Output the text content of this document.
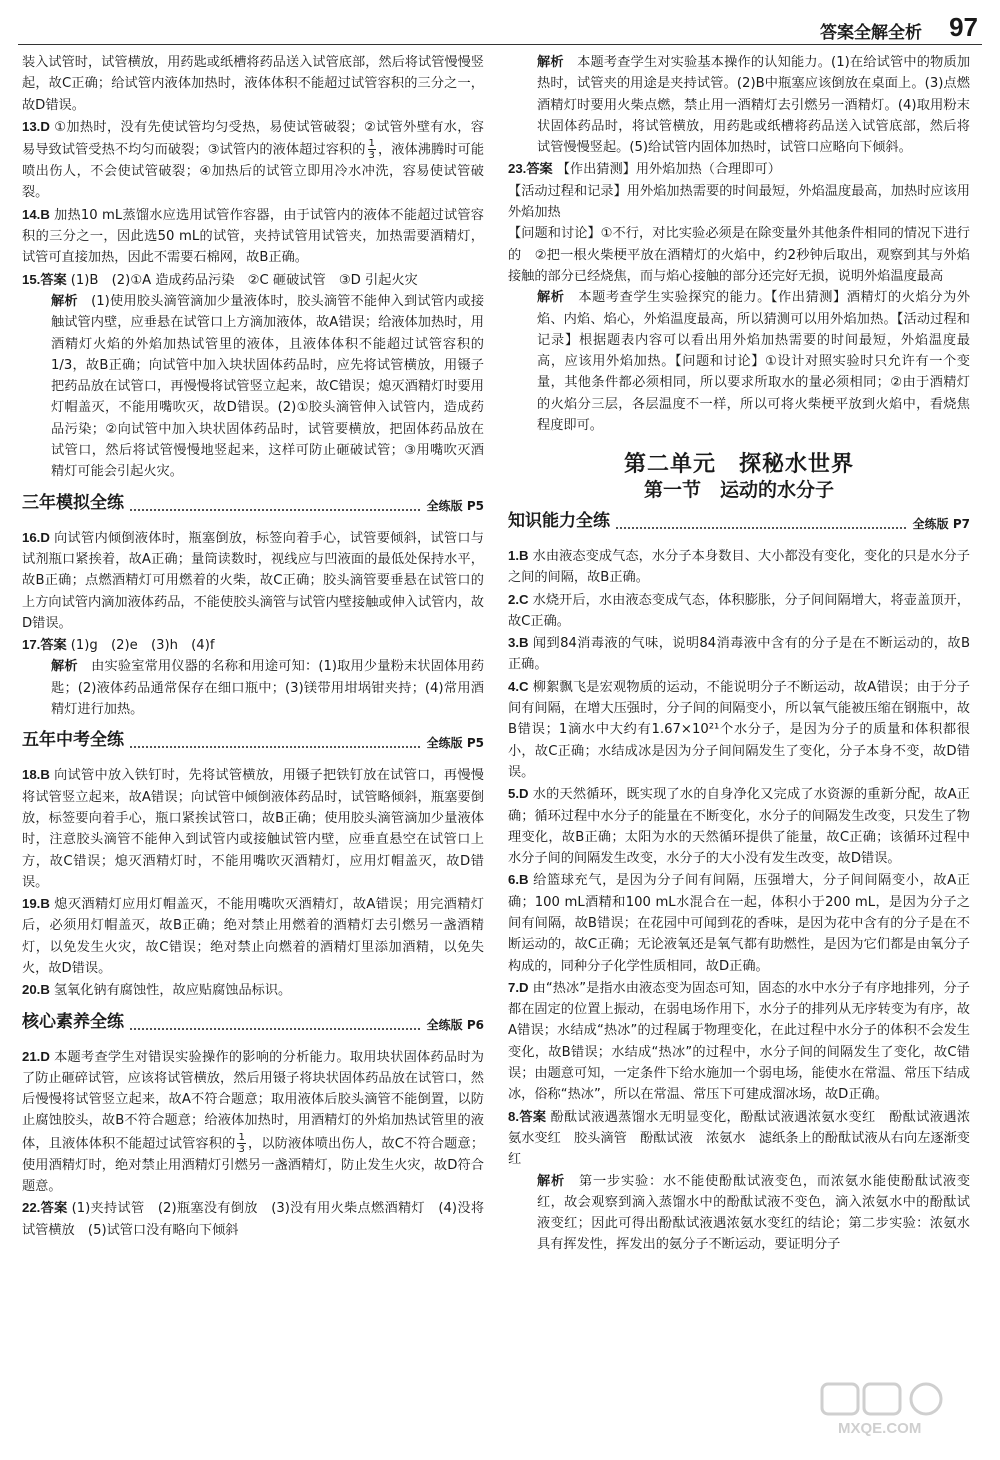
答案全解全析 97

装入试管时，试管横放，用药匙或纸槽将药品送入试管底部，然后将试管慢慢竖起，故C正确；给试管内液体加热时，液体体积不能超过试管容积的三分之一，故D错误。

13.D ①加热时，没有先使试管均匀受热，易使试管破裂；②试管外壁有水，容易导致试管受热不均匀而破裂；③试管内的液体超过容积的 $\frac{1}{3}$ ，液体沸腾时可能喷出伤人，不会使试管破裂；④加热后的试管立即用冷水冲洗，容易使试管破裂。

14.B 加热10 mL蒸馏水应选用试管作容器，由于试管内的液体不能超过试管容积的三分之一，因此选50 mL的试管，夹持试管用试管夹，加热需要酒精灯，试管可直接加热，因此不需要石棉网，故B正确。

15.答案 (1)B　(2)①A 造成药品污染　②C 砸破试管　③D 引起火灾

解析　 (1)使用胶头滴管滴加少量液体时，胶头滴管不能伸入到试管内或接触试管内壁，应垂悬在试管口上方滴加液体，故A错误；给液体加热时，用酒精灯火焰的外焰加热试管里的液体，且液体体积不能超过试管容积的1/3，故B正确；向试管中加入块状固体药品时，应先将试管横放，用镊子把药品放在试管口，再慢慢将试管竖立起来，故C错误；熄灭酒精灯时要用灯帽盖灭，不能用嘴吹灭，故D错误。(2)①胶头滴管伸入试管内，造成药品污染；②向试管中加入块状固体药品时，试管要横放，把固体药品放在试管口，然后将试管慢慢地竖起来，这样可防止砸破试管；③用嘴吹灭酒精灯可能会引起火灾。

三年模拟全练	全练版 P5

16.D 向试管内倾倒液体时，瓶塞倒放，标签向着手心，试管要倾斜，试管口与试剂瓶口紧挨着，故A正确；量筒读数时，视线应与凹液面的最低处保持水平，故B正确；点燃酒精灯可用燃着的火柴，故C正确；胶头滴管要垂悬在试管口的上方向试管内滴加液体药品，不能使胶头滴管与试管内壁接触或伸入试管内，故D错误。

17.答案 (1)g　(2)e　(3)h　(4)f

解析　 由实验室常用仪器的名称和用途可知：(1)取用少量粉末状固体用药匙；(2)液体药品通常保存在细口瓶中；(3)镁带用坩埚钳夹持；(4)常用酒精灯进行加热。

五年中考全练	全练版 P5

18.B 向试管中放入铁钉时，先将试管横放，用镊子把铁钉放在试管口，再慢慢将试管竖立起来，故A错误；向试管中倾倒液体药品时，试管略倾斜，瓶塞要倒放，标签要向着手心，瓶口紧挨试管口，故B正确；使用胶头滴管滴加少量液体时，注意胶头滴管不能伸入到试管内或接触试管内壁，应垂直悬空在试管口上方，故C错误；熄灭酒精灯时，不能用嘴吹灭酒精灯，应用灯帽盖灭，故D错误。

19.B 熄灭酒精灯应用灯帽盖灭，不能用嘴吹灭酒精灯，故A错误；用完酒精灯后，必须用灯帽盖灭，故B正确；绝对禁止用燃着的酒精灯去引燃另一盏酒精灯，以免发生火灾，故C错误；绝对禁止向燃着的酒精灯里添加酒精，以免失火，故D错误。

20.B 氢氧化钠有腐蚀性，故应贴腐蚀品标识。

核心素养全练	全练版 P6

21.D 本题考查学生对错误实验操作的影响的分析能力。取用块状固体药品时为了防止砸碎试管，应该将试管横放，然后用镊子将块状固体药品放在试管口，然后慢慢将试管竖立起来，故A不符合题意；取用液体后胶头滴管不能倒置，以防止腐蚀胶头，故B不符合题意；给液体加热时，用酒精灯的外焰加热试管里的液体，且液体体积不能超过试管容积的 $\frac{1}{3}$ ，以防液体喷出伤人，故C不符合题意；使用酒精灯时，绝对禁止用酒精灯引燃另一盏酒精灯，防止发生火灾，故D符合题意。

22.答案 (1)夹持试管　(2)瓶塞没有倒放　(3)没有用火柴点燃酒精灯　(4)没将试管横放　(5)试管口没有略向下倾斜

解析　 本题考查学生对实验基本操作的认知能力。(1)在给试管中的物质加热时，试管夹的用途是夹持试管。(2)B中瓶塞应该倒放在桌面上。(3)点燃酒精灯时要用火柴点燃，禁止用一酒精灯去引燃另一酒精灯。(4)取用粉末状固体药品时，将试管横放，用药匙或纸槽将药品送入试管底部，然后将试管慢慢竖起。(5)给试管内固体加热时，试管口应略向下倾斜。

23.答案 【作出猜测】用外焰加热（合理即可）

【活动过程和记录】用外焰加热需要的时间最短，外焰温度最高，加热时应该用外焰加热

【问题和讨论】①不行，对比实验必须是在除变量外其他条件相同的情况下进行的　②把一根火柴梗平放在酒精灯的火焰中，约2秒钟后取出，观察到其与外焰接触的部分已经烧焦，而与焰心接触的部分还完好无损，说明外焰温度最高

解析　 本题考查学生实验探究的能力。【作出猜测】酒精灯的火焰分为外焰、内焰、焰心，外焰温度最高，所以猜测可以用外焰加热。【活动过程和记录】根据题表内容可以看出用外焰加热需要的时间最短，外焰温度最高，应该用外焰加热。【问题和讨论】①设计对照实验时只允许有一个变量，其他条件都必须相同，所以要求所取水的量必须相同；②由于酒精灯的火焰分三层，各层温度不一样，所以可将火柴梗平放到火焰中，看烧焦程度即可。

第二单元　探秘水世界
第一节　运动的水分子
知识能力全练	全练版 P7

1.B 水由液态变成气态，水分子本身数目、大小都没有变化，变化的只是水分子之间的间隔，故B正确。

2.C 水烧开后，水由液态变成气态，体积膨胀，分子间间隔增大，将壶盖顶开，故C正确。

3.B 闻到84消毒液的气味，说明84消毒液中含有的分子是在不断运动的，故B正确。

4.C 柳絮飘飞是宏观物质的运动，不能说明分子不断运动，故A错误；由于分子间有间隔，在增大压强时，分子间的间隔变小，所以氧气能被压缩在钢瓶中，故B错误；1滴水中大约有1.67×10²¹个水分子，是因为分子的质量和体积都很小，故C正确；水结成冰是因为分子间间隔发生了变化，分子本身不变，故D错误。

5.D 水的天然循环，既实现了水的自身净化又完成了水资源的重新分配，故A正确；循环过程中水分子的能量在不断变化，水分子的间隔发生改变，只发生了物理变化，故B正确；太阳为水的天然循环提供了能量，故C正确；该循环过程中水分子间的间隔发生改变，水分子的大小没有发生改变，故D错误。

6.B 给篮球充气，是因为分子间有间隔，压强增大，分子间间隔变小，故A正确；100 mL酒精和100 mL水混合在一起，体积小于200 mL，是因为分子之间有间隔，故B错误；在花园中可闻到花的香味，是因为花中含有的分子是在不断运动的，故C正确；无论液氧还是氧气都有助燃性，是因为它们都是由氧分子构成的，同种分子化学性质相同，故D正确。

7.D 由“热冰”是指水由液态变为固态可知，固态的水中水分子有序地排列，分子都在固定的位置上振动，在弱电场作用下，水分子的排列从无序转变为有序，故A错误；水结成“热冰”的过程属于物理变化，在此过程中水分子的体积不会发生变化，故B错误；水结成“热冰”的过程中，水分子间的间隔发生了变化，故C错误；由题意可知，一定条件下给水施加一个弱电场，能使水在常温、常压下结成冰，俗称“热冰”，所以在常温、常压下可建成溜冰场，故D正确。

8.答案 酚酞试液遇蒸馏水无明显变化，酚酞试液遇浓氨水变红　酚酞试液遇浓氨水变红　胶头滴管　酚酞试液　浓氨水　滤纸条上的酚酞试液从右向左逐渐变红

解析　 第一步实验：水不能使酚酞试液变色，而浓氨水能使酚酞试液变红，故会观察到滴入蒸馏水中的酚酞试液不变色，滴入浓氨水中的酚酞试液变红；因此可得出酚酞试液遇浓氨水变红的结论；第二步实验：浓氨水具有挥发性，挥发出的氨分子不断运动，要证明分子

MXQE.COM
